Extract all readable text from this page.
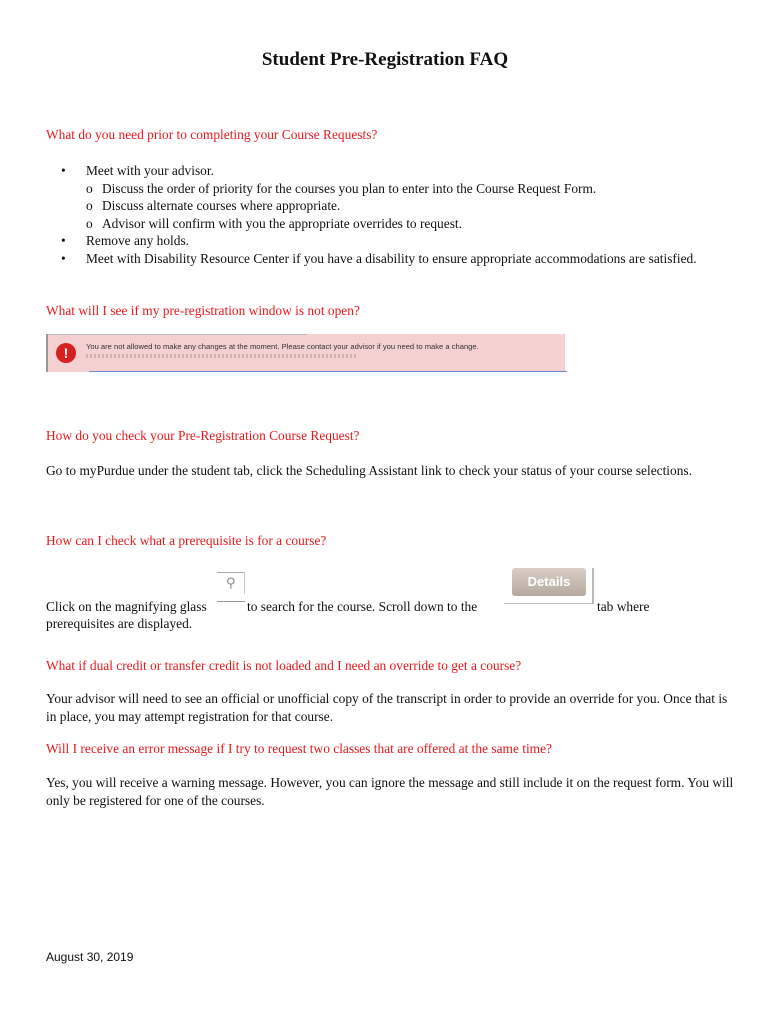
Student Pre-Registration FAQ
What do you need prior to completing your Course Requests?
• Meet with your advisor.
o Discuss the order of priority for the courses you plan to enter into the Course Request Form.
o Discuss alternate courses where appropriate.
o Advisor will confirm with you the appropriate overrides to request.
• Remove any holds.
• Meet with Disability Resource Center if you have a disability to ensure appropriate accommodations are satisfied.
What will I see if my pre-registration window is not open?
!	You are not allowed to make any changes at the moment. Please contact your advisor if you need to make a change.
How do you check your Pre-Registration Course Request?
Go to myPurdue under the student tab, click the Scheduling Assistant link to check your status of your course selections.
How can I check what a prerequisite is for a course?
Click on the magnifying glass
⚲
to search for the course. Scroll down to the
Details
tab where
prerequisites are displayed.
What if dual credit or transfer credit is not loaded and I need an override to get a course?
Your advisor will need to see an official or unofficial copy of the transcript in order to provide an override for you. Once that is in place, you may attempt registration for that course.
Will I receive an error message if I try to request two classes that are offered at the same time?
Yes, you will receive a warning message. However, you can ignore the message and still include it on the request form. You will only be registered for one of the courses.
August 30, 2019
